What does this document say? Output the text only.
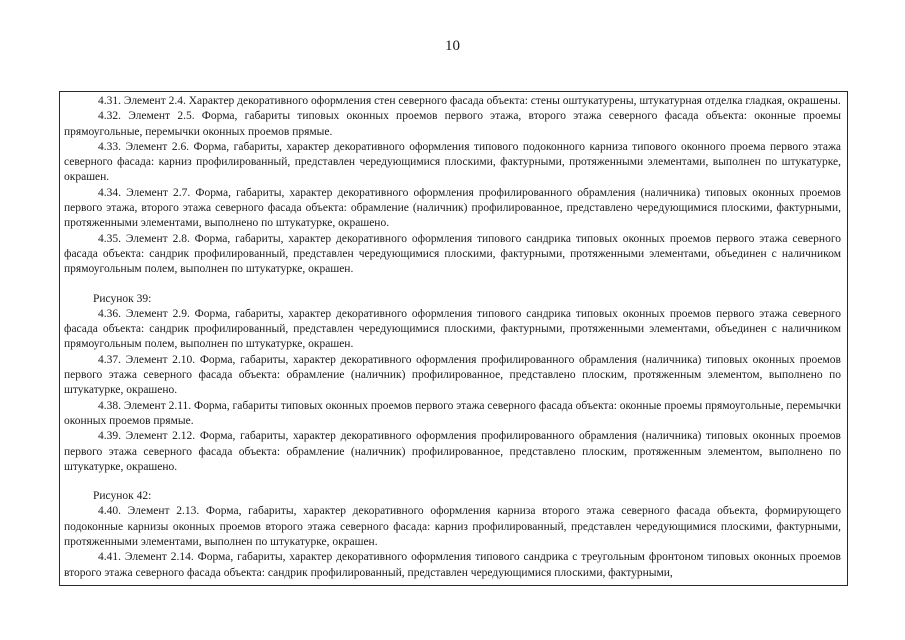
10

4.31. Элемент 2.4. Характер декоративного оформления стен северного фасада объекта: стены оштукатурены, штукатурная отделка гладкая, окрашены.

4.32. Элемент 2.5. Форма, габариты типовых оконных проемов первого этажа, второго этажа северного фасада объекта: оконные проемы прямоугольные, перемычки оконных проемов прямые.

4.33. Элемент 2.6. Форма, габариты, характер декоративного оформления типового подоконного карниза типового оконного проема первого этажа северного фасада: карниз профилированный, представлен чередующимися плоскими, фактурными, протяженными элементами, выполнен по штукатурке, окрашен.

4.34. Элемент 2.7. Форма, габариты, характер декоративного оформления профилированного обрамления (наличника) типовых оконных проемов первого этажа, второго этажа северного фасада объекта: обрамление (наличник) профилированное, представлено чередующимися плоскими, фактурными, протяженными элементами, выполнено по штукатурке, окрашено.

4.35. Элемент 2.8. Форма, габариты, характер декоративного оформления типового сандрика типовых оконных проемов первого этажа северного фасада объекта: сандрик профилированный, представлен чередующимися плоскими, фактурными, протяженными элементами, объединен с наличником прямоугольным полем, выполнен по штукатурке, окрашен.

Рисунок 39:

4.36. Элемент 2.9. Форма, габариты, характер декоративного оформления типового сандрика типовых оконных проемов первого этажа северного фасада объекта: сандрик профилированный, представлен чередующимися плоскими, фактурными, протяженными элементами, объединен с наличником прямоугольным полем, выполнен по штукатурке, окрашен.

4.37. Элемент 2.10. Форма, габариты, характер декоративного оформления профилированного обрамления (наличника) типовых оконных проемов первого этажа северного фасада объекта: обрамление (наличник) профилированное, представлено плоским, протяженным элементом, выполнено по штукатурке, окрашено.

4.38. Элемент 2.11. Форма, габариты типовых оконных проемов первого этажа северного фасада объекта: оконные проемы прямоугольные, перемычки оконных проемов прямые.

4.39. Элемент 2.12. Форма, габариты, характер декоративного оформления профилированного обрамления (наличника) типовых оконных проемов первого этажа северного фасада объекта: обрамление (наличник) профилированное, представлено плоским, протяженным элементом, выполнено по штукатурке, окрашено.

Рисунок 42:

4.40. Элемент 2.13. Форма, габариты, характер декоративного оформления карниза второго этажа северного фасада объекта, формирующего подоконные карнизы оконных проемов второго этажа северного фасада: карниз профилированный, представлен чередующимися плоскими, фактурными, протяженными элементами, выполнен по штукатурке, окрашен.

4.41. Элемент 2.14. Форма, габариты, характер декоративного оформления типового сандрика с треугольным фронтоном типовых оконных проемов второго этажа северного фасада объекта: сандрик профилированный, представлен чередующимися плоскими, фактурными,
